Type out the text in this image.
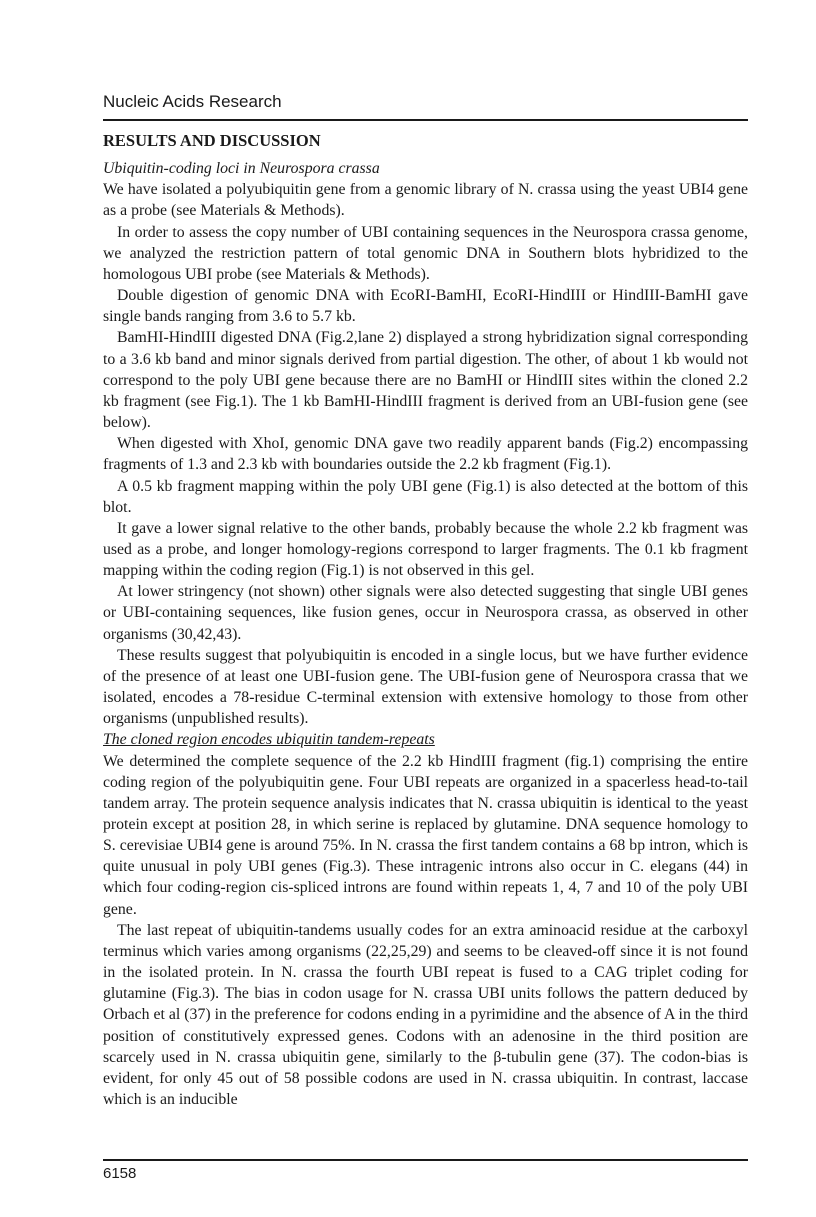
Nucleic Acids Research

RESULTS AND DISCUSSION

Ubiquitin-coding loci in Neurospora crassa

We have isolated a polyubiquitin gene from a genomic library of N. crassa using the yeast UBI4 gene as a probe (see Materials & Methods).

In order to assess the copy number of UBI containing sequences in the Neurospora crassa genome, we analyzed the restriction pattern of total genomic DNA in Southern blots hybridized to the homologous UBI probe (see Materials & Methods).

Double digestion of genomic DNA with EcoRI-BamHI, EcoRI-HindIII or HindIII-BamHI gave single bands ranging from 3.6 to 5.7 kb.

BamHI-HindIII digested DNA (Fig.2,lane 2) displayed a strong hybridization signal corresponding to a 3.6 kb band and minor signals derived from partial digestion. The other, of about 1 kb would not correspond to the poly UBI gene because there are no BamHI or HindIII sites within the cloned 2.2 kb fragment (see Fig.1). The 1 kb BamHI-HindIII fragment is derived from an UBI-fusion gene (see below).

When digested with XhoI, genomic DNA gave two readily apparent bands (Fig.2) encompassing fragments of 1.3 and 2.3 kb with boundaries outside the 2.2 kb fragment (Fig.1).

A 0.5 kb fragment mapping within the poly UBI gene (Fig.1) is also detected at the bottom of this blot.

It gave a lower signal relative to the other bands, probably because the whole 2.2 kb fragment was used as a probe, and longer homology-regions correspond to larger fragments. The 0.1 kb fragment mapping within the coding region (Fig.1) is not observed in this gel.

At lower stringency (not shown) other signals were also detected suggesting that single UBI genes or UBI-containing sequences, like fusion genes, occur in Neurospora crassa, as observed in other organisms (30,42,43).

These results suggest that polyubiquitin is encoded in a single locus, but we have further evidence of the presence of at least one UBI-fusion gene. The UBI-fusion gene of Neurospora crassa that we isolated, encodes a 78-residue C-terminal extension with extensive homology to those from other organisms (unpublished results).

The cloned region encodes ubiquitin tandem-repeats

We determined the complete sequence of the 2.2 kb HindIII fragment (fig.1) comprising the entire coding region of the polyubiquitin gene. Four UBI repeats are organized in a spacerless head-to-tail tandem array. The protein sequence analysis indicates that N. crassa ubiquitin is identical to the yeast protein except at position 28, in which serine is replaced by glutamine. DNA sequence homology to S. cerevisiae UBI4 gene is around 75%. In N. crassa the first tandem contains a 68 bp intron, which is quite unusual in poly UBI genes (Fig.3). These intragenic introns also occur in C. elegans (44) in which four coding-region cis-spliced introns are found within repeats 1, 4, 7 and 10 of the poly UBI gene.

The last repeat of ubiquitin-tandems usually codes for an extra aminoacid residue at the carboxyl terminus which varies among organisms (22,25,29) and seems to be cleaved-off since it is not found in the isolated protein. In N. crassa the fourth UBI repeat is fused to a CAG triplet coding for glutamine (Fig.3). The bias in codon usage for N. crassa UBI units follows the pattern deduced by Orbach et al (37) in the preference for codons ending in a pyrimidine and the absence of A in the third position of constitutively expressed genes. Codons with an adenosine in the third position are scarcely used in N. crassa ubiquitin gene, similarly to the β-tubulin gene (37). The codon-bias is evident, for only 45 out of 58 possible codons are used in N. crassa ubiquitin. In contrast, laccase which is an inducible

6158
